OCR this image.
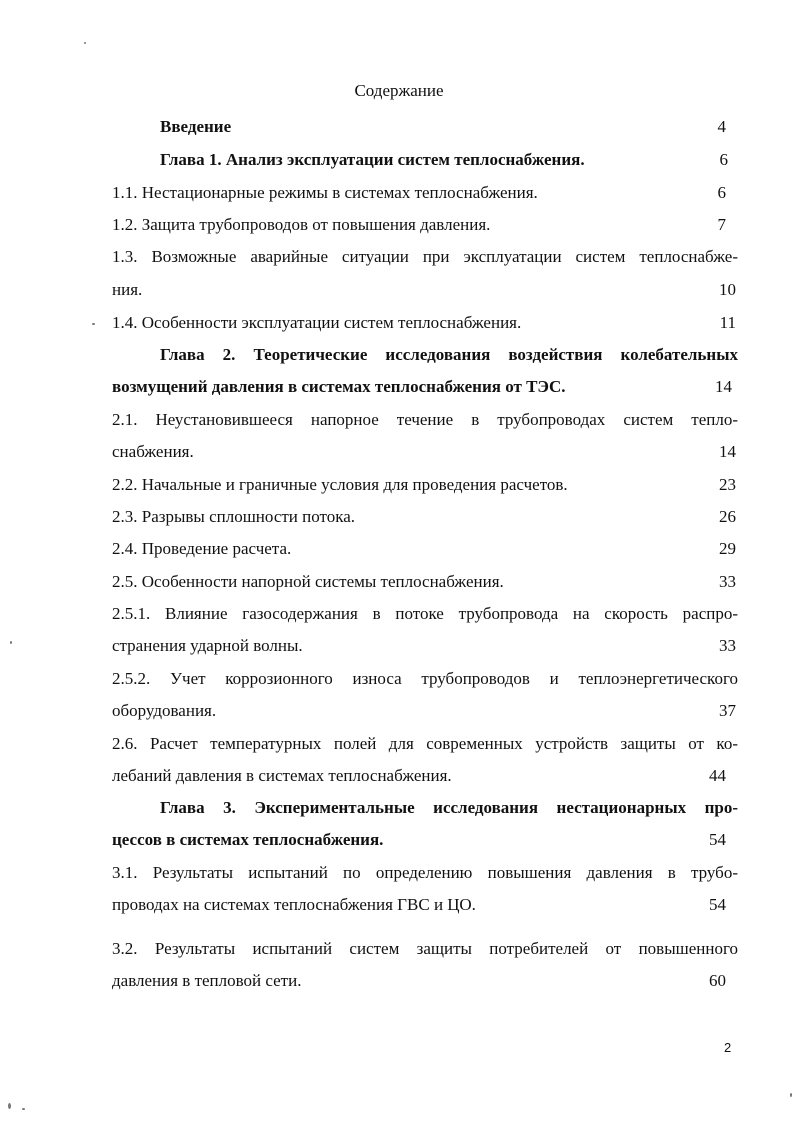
Содержание
Введение	4
Глава 1. Анализ эксплуатации систем теплоснабжения.	6
1.1. Нестационарные режимы в системах теплоснабжения.	6
1.2. Защита трубопроводов от повышения давления.	7
1.3. Возможные аварийные ситуации при эксплуатации систем теплоснабже-
ния.	10
1.4. Особенности эксплуатации систем теплоснабжения.	11
Глава 2. Теоретические исследования воздействия колебательных
возмущений давления в системах теплоснабжения от ТЭС.	14
2.1. Неустановившееся напорное течение в трубопроводах систем тепло-
снабжения.	14
2.2. Начальные и граничные условия для проведения расчетов.	23
2.3. Разрывы сплошности потока.	26
2.4. Проведение расчета.	29
2.5. Особенности напорной системы теплоснабжения.	33
2.5.1. Влияние газосодержания в потоке трубопровода на скорость распро-
странения ударной волны.	33
2.5.2. Учет коррозионного износа трубопроводов и теплоэнергетического
оборудования.	37
2.6. Расчет температурных полей для современных устройств защиты от ко-
лебаний давления в системах теплоснабжения.	44
Глава 3. Экспериментальные исследования нестационарных про-
цессов в системах теплоснабжения.	54
3.1. Результаты испытаний по определению повышения давления в трубо-
проводах на системах теплоснабжения ГВС и ЦО.	54
3.2. Результаты испытаний систем защиты потребителей от повышенного
давления в тепловой сети.	60
2
